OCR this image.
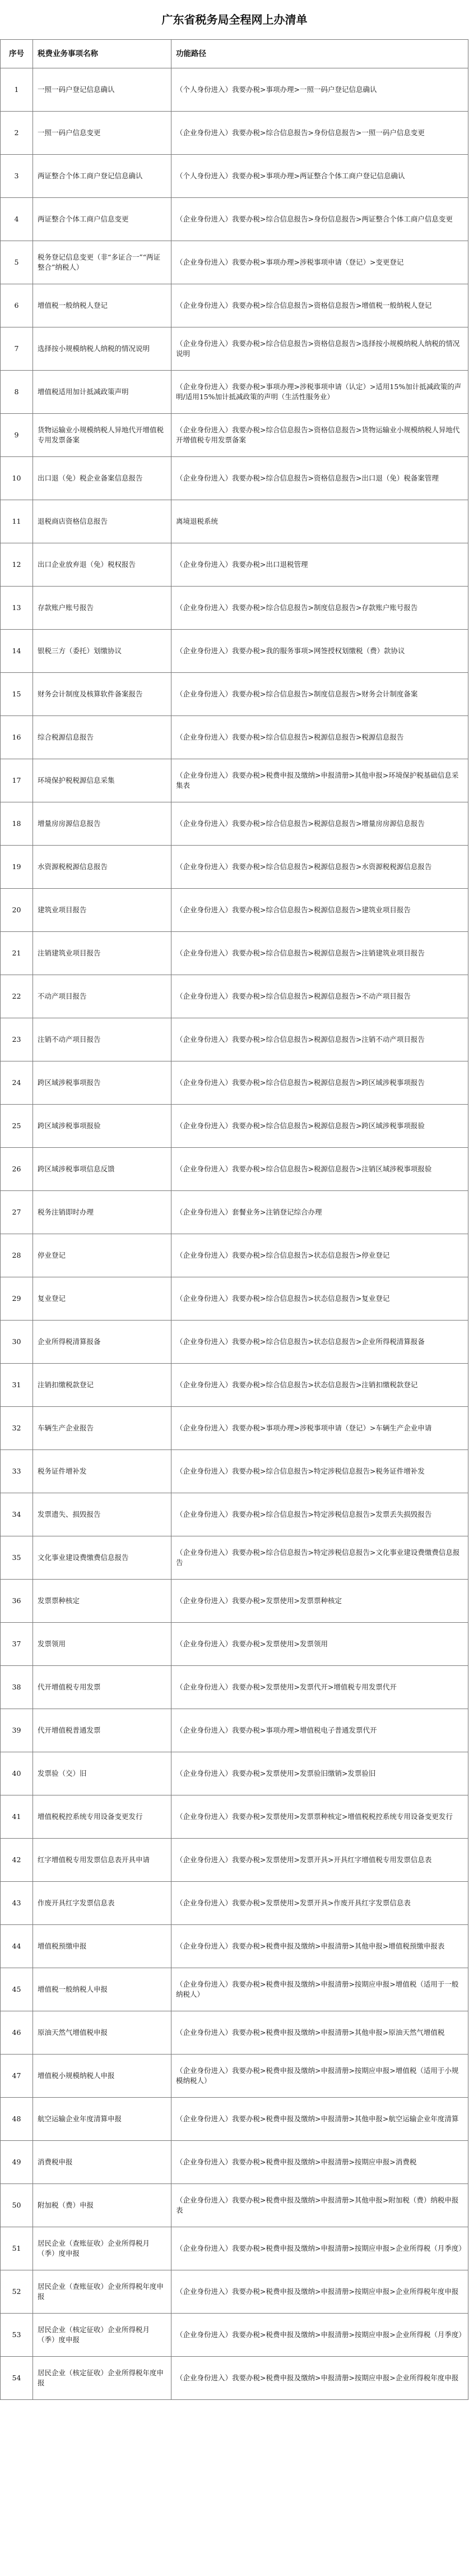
广东省税务局全程网上办清单
序号	税费业务事项名称	功能路径
1	一照一码户登记信息确认	（个人身份进入）我要办税>事项办理>一照一码户登记信息确认
2	一照一码户信息变更	（企业身份进入）我要办税>综合信息报告>身份信息报告>一照一码户信息变更
3	两证整合个体工商户登记信息确认	（个人身份进入）我要办税>事项办理>两证整合个体工商户登记信息确认
4	两证整合个体工商户信息变更	（企业身份进入）我要办税>综合信息报告>身份信息报告>两证整合个体工商户信息变更
5	税务登记信息变更（非“多证合一”“两证整合”纳税人）	（企业身份进入）我要办税>事项办理>涉税事项申请（登记）>变更登记
6	增值税一般纳税人登记	（企业身份进入）我要办税>综合信息报告>资格信息报告>增值税一般纳税人登记
7	选择按小规模纳税人纳税的情况说明	（企业身份进入）我要办税>综合信息报告>资格信息报告>选择按小规模纳税人纳税的情况说明
8	增值税适用加计抵减政策声明	（企业身份进入）我要办税>事项办理>涉税事项申请（认定）>适用15%加计抵减政策的声明/适用15%加计抵减政策的声明（生活性服务业）
9	货物运输业小规模纳税人异地代开增值税专用发票备案	（企业身份进入）我要办税>综合信息报告>资格信息报告>货物运输业小规模纳税人异地代开增值税专用发票备案
10	出口退（免）税企业备案信息报告	（企业身份进入）我要办税>综合信息报告>资格信息报告>出口退（免）税备案管理
11	退税商店资格信息报告	离境退税系统
12	出口企业放弃退（免）税权报告	（企业身份进入）我要办税>出口退税管理
13	存款账户账号报告	（企业身份进入）我要办税>综合信息报告>制度信息报告>存款账户账号报告
14	银税三方（委托）划缴协议	（企业身份进入）我要办税>我的服务事项>网签授权划缴税（费）款协议
15	财务会计制度及核算软件备案报告	（企业身份进入）我要办税>综合信息报告>制度信息报告>财务会计制度备案
16	综合税源信息报告	（企业身份进入）我要办税>综合信息报告>税源信息报告>税源信息报告
17	环境保护税税源信息采集	（企业身份进入）我要办税>税费申报及缴纳>申报清册>其他申报>环境保护税基础信息采集表
18	增量房房源信息报告	（企业身份进入）我要办税>综合信息报告>税源信息报告>增量房房源信息报告
19	水资源税税源信息报告	（企业身份进入）我要办税>综合信息报告>税源信息报告>水资源税税源信息报告
20	建筑业项目报告	（企业身份进入）我要办税>综合信息报告>税源信息报告>建筑业项目报告
21	注销建筑业项目报告	（企业身份进入）我要办税>综合信息报告>税源信息报告>注销建筑业项目报告
22	不动产项目报告	（企业身份进入）我要办税>综合信息报告>税源信息报告>不动产项目报告
23	注销不动产项目报告	（企业身份进入）我要办税>综合信息报告>税源信息报告>注销不动产项目报告
24	跨区域涉税事项报告	（企业身份进入）我要办税>综合信息报告>税源信息报告>跨区域涉税事项报告
25	跨区域涉税事项报验	（企业身份进入）我要办税>综合信息报告>税源信息报告>跨区域涉税事项报验
26	跨区域涉税事项信息反馈	（企业身份进入）我要办税>综合信息报告>税源信息报告>注销区域涉税事项报验
27	税务注销即时办理	（企业身份进入）套餐业务>注销登记综合办理
28	停业登记	（企业身份进入）我要办税>综合信息报告>状态信息报告>停业登记
29	复业登记	（企业身份进入）我要办税>综合信息报告>状态信息报告>复业登记
30	企业所得税清算报备	（企业身份进入）我要办税>综合信息报告>状态信息报告>企业所得税清算报备
31	注销扣缴税款登记	（企业身份进入）我要办税>综合信息报告>状态信息报告>注销扣缴税款登记
32	车辆生产企业报告	（企业身份进入）我要办税>事项办理>涉税事项申请（登记）>车辆生产企业申请
33	税务证件增补发	（企业身份进入）我要办税>综合信息报告>特定涉税信息报告>税务证件增补发
34	发票遗失、损毁报告	（企业身份进入）我要办税>综合信息报告>特定涉税信息报告>发票丢失损毁报告
35	文化事业建设费缴费信息报告	（企业身份进入）我要办税>综合信息报告>特定涉税信息报告>文化事业建设费缴费信息报告
36	发票票种核定	（企业身份进入）我要办税>发票使用>发票票种核定
37	发票领用	（企业身份进入）我要办税>发票使用>发票领用
38	代开增值税专用发票	（企业身份进入）我要办税>发票使用>发票代开>增值税专用发票代开
39	代开增值税普通发票	（企业身份进入）我要办税>事项办理>增值税电子普通发票代开
40	发票验（交）旧	（企业身份进入）我要办税>发票使用>发票验旧缴销>发票验旧
41	增值税税控系统专用设备变更发行	（企业身份进入）我要办税>发票使用>发票票种核定>增值税税控系统专用设备变更发行
42	红字增值税专用发票信息表开具申请	（企业身份进入）我要办税>发票使用>发票开具>开具红字增值税专用发票信息表
43	作废开具红字发票信息表	（企业身份进入）我要办税>发票使用>发票开具>作废开具红字发票信息表
44	增值税预缴申报	（企业身份进入）我要办税>税费申报及缴纳>申报清册>其他申报>增值税预缴申报表
45	增值税一般纳税人申报	（企业身份进入）我要办税>税费申报及缴纳>申报清册>按期应申报>增值税（适用于一般纳税人）
46	原油天然气增值税申报	（企业身份进入）我要办税>税费申报及缴纳>申报清册>其他申报>原油天然气增值税
47	增值税小规模纳税人申报	（企业身份进入）我要办税>税费申报及缴纳>申报清册>按期应申报>增值税（适用于小规模纳税人）
48	航空运输企业年度清算申报	（企业身份进入）我要办税>税费申报及缴纳>申报清册>其他申报>航空运输企业年度清算
49	消费税申报	（企业身份进入）我要办税>税费申报及缴纳>申报清册>按期应申报>消费税
50	附加税（费）申报	（企业身份进入）我要办税>税费申报及缴纳>申报清册>其他申报>附加税（费）纳税申报表
51	居民企业（查账征收）企业所得税月（季）度申报	（企业身份进入）我要办税>税费申报及缴纳>申报清册>按期应申报>企业所得税（月季度）
52	居民企业（查账征收）企业所得税年度申报	（企业身份进入）我要办税>税费申报及缴纳>申报清册>按期应申报>企业所得税年度申报
53	居民企业（核定征收）企业所得税月（季）度申报	（企业身份进入）我要办税>税费申报及缴纳>申报清册>按期应申报>企业所得税（月季度）
54	居民企业（核定征收）企业所得税年度申报	（企业身份进入）我要办税>税费申报及缴纳>申报清册>按期应申报>企业所得税年度申报
